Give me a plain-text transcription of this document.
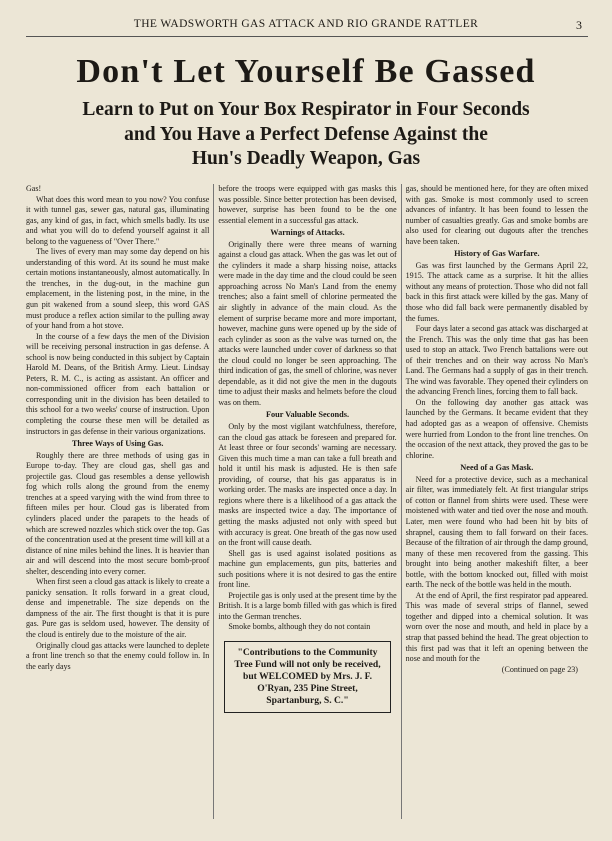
THE WADSWORTH GAS ATTACK AND RIO GRANDE RATTLER	3
Don't Let Yourself Be Gassed
Learn to Put on Your Box Respirator in Four Seconds
and You Have a Perfect Defense Against the
Hun's Deadly Weapon, Gas

Gas!

What does this word mean to you now? You confuse it with tunnel gas, sewer gas, natural gas, illuminating gas, any kind of gas, in fact, which smells badly. Its use and what you will do to defend yourself against it all belong to the vagueness of "Over There."

The lives of every man may some day depend on his understanding of this word. At its sound he must make certain motions instantaneously, almost automatically. In the trenches, in the dug-out, in the machine gun emplacement, in the listening post, in the mine, in the gun pit wakened from a sound sleep, this word GAS must produce a reflex action similar to the pulling away of your hand from a hot stove.

In the course of a few days the men of the Division will be receiving personal instruction in gas defense. A school is now being conducted in this subject by Captain Harold M. Deans, of the British Army. Lieut. Lindsay Peters, R. M. C., is acting as assistant. An officer and non-commissioned officer from each battalion or corresponding unit in the division has been detailed to this school for a two weeks' course of instruction. Upon completing the course these men will be detailed as instructors in gas defense in their various organizations.

Three Ways of Using Gas.

Roughly there are three methods of using gas in Europe to-day. They are cloud gas, shell gas and projectile gas. Cloud gas resembles a dense yellowish fog which rolls along the ground from the enemy trenches at a speed varying with the wind from three to fifteen miles per hour. Cloud gas is liberated from cylinders placed under the parapets to the heads of which are screwed nozzles which stick over the top. Gas of the concentration used at the present time will kill at a distance of nine miles behind the lines. It is heavier than air and will descend into the most secure bomb-proof shelter, descending into every corner.

When first seen a cloud gas attack is likely to create a panicky sensation. It rolls forward in a great cloud, dense and impenetrable. The size depends on the dampness of the air. The first thought is that it is pure gas. Pure gas is seldom used, however. The density of the cloud is entirely due to the moisture of the air.

Originally cloud gas attacks were launched to deplete a front line trench so that the enemy could follow in. In the early days

before the troops were equipped with gas masks this was possible. Since better protection has been devised, however, surprise has been found to be the one essential element in a successful gas attack.

Warnings of Attacks.

Originally there were three means of warning against a cloud gas attack. When the gas was let out of the cylinders it made a sharp hissing noise, attacks were made in the day time and the cloud could be seen approaching across No Man's Land from the enemy trenches; also a faint smell of chlorine permeated the air slightly in advance of the main cloud. As the element of surprise became more and more important, however, machine guns were opened up by the side of each cylinder as soon as the valve was turned on, the attacks were launched under cover of darkness so that the cloud could no longer be seen approaching. The third indication of gas, the smell of chlorine, was never dependable, as it did not give the men in the dugouts time to adjust their masks and helmets before the cloud was on them.

Four Valuable Seconds.

Only by the most vigilant watchfulness, therefore, can the cloud gas attack be foreseen and prepared for. At least three or four seconds' warning are necessary. Given this much time a man can take a full breath and hold it until his mask is adjusted. He is then safe providing, of course, that his gas apparatus is in working order. The masks are inspected once a day. In regions where there is a likelihood of a gas attack the masks are inspected twice a day. The importance of getting the masks adjusted not only with speed but with accuracy is great. One breath of the gas now used on the front will cause death.

Shell gas is used against isolated positions as machine gun emplacements, gun pits, batteries and such positions where it is not desired to gas the entire front line.

Projectile gas is only used at the present time by the British. It is a large bomb filled with gas which is fired into the German trenches.

Smoke bombs, although they do not contain

"Contributions to the Community Tree Fund will not only be received, but WELCOMED by Mrs. J. F. O'Ryan, 235 Pine Street, Spartanburg, S. C."

gas, should be mentioned here, for they are often mixed with gas. Smoke is most commonly used to screen advances of infantry. It has been found to lessen the number of casualties greatly. Gas and smoke bombs are also used for clearing out dugouts after the trenches have been taken.

History of Gas Warfare.

Gas was first launched by the Germans April 22, 1915. The attack came as a surprise. It hit the allies without any means of protection. Those who did not fall back in this first attack were killed by the gas. Many of those who did fall back were permanently disabled by the fumes.

Four days later a second gas attack was discharged at the French. This was the only time that gas has been used to stop an attack. Two French battalions were out of their trenches and on their way across No Man's Land. The Germans had a supply of gas in their trench. The wind was favorable. They opened their cylinders on the advancing French lines, forcing them to fall back.

On the following day another gas attack was launched by the Germans. It became evident that they had adopted gas as a weapon of offensive. Chemists were hurried from London to the front line trenches. On the occasion of the next attack, they proved the gas to be chlorine.

Need of a Gas Mask.

Need for a protective device, such as a mechanical air filter, was immediately felt. At first triangular strips of cotton or flannel from shirts were used. These were moistened with water and tied over the nose and mouth. Later, men were found who had been hit by bits of shrapnel, causing them to fall forward on their faces. Because of the filtration of air through the damp ground, many of these men recovered from the gassing. This brought into being another makeshift filter, a beer bottle, with the bottom knocked out, filled with moist earth. The neck of the bottle was held in the mouth.

At the end of April, the first respirator pad appeared. This was made of several strips of flannel, sewed together and dipped into a chemical solution. It was worn over the nose and mouth, and held in place by a strap that passed behind the head. The great objection to this first pad was that it left an opening between the nose and mouth for the

(Continued on page 23)
